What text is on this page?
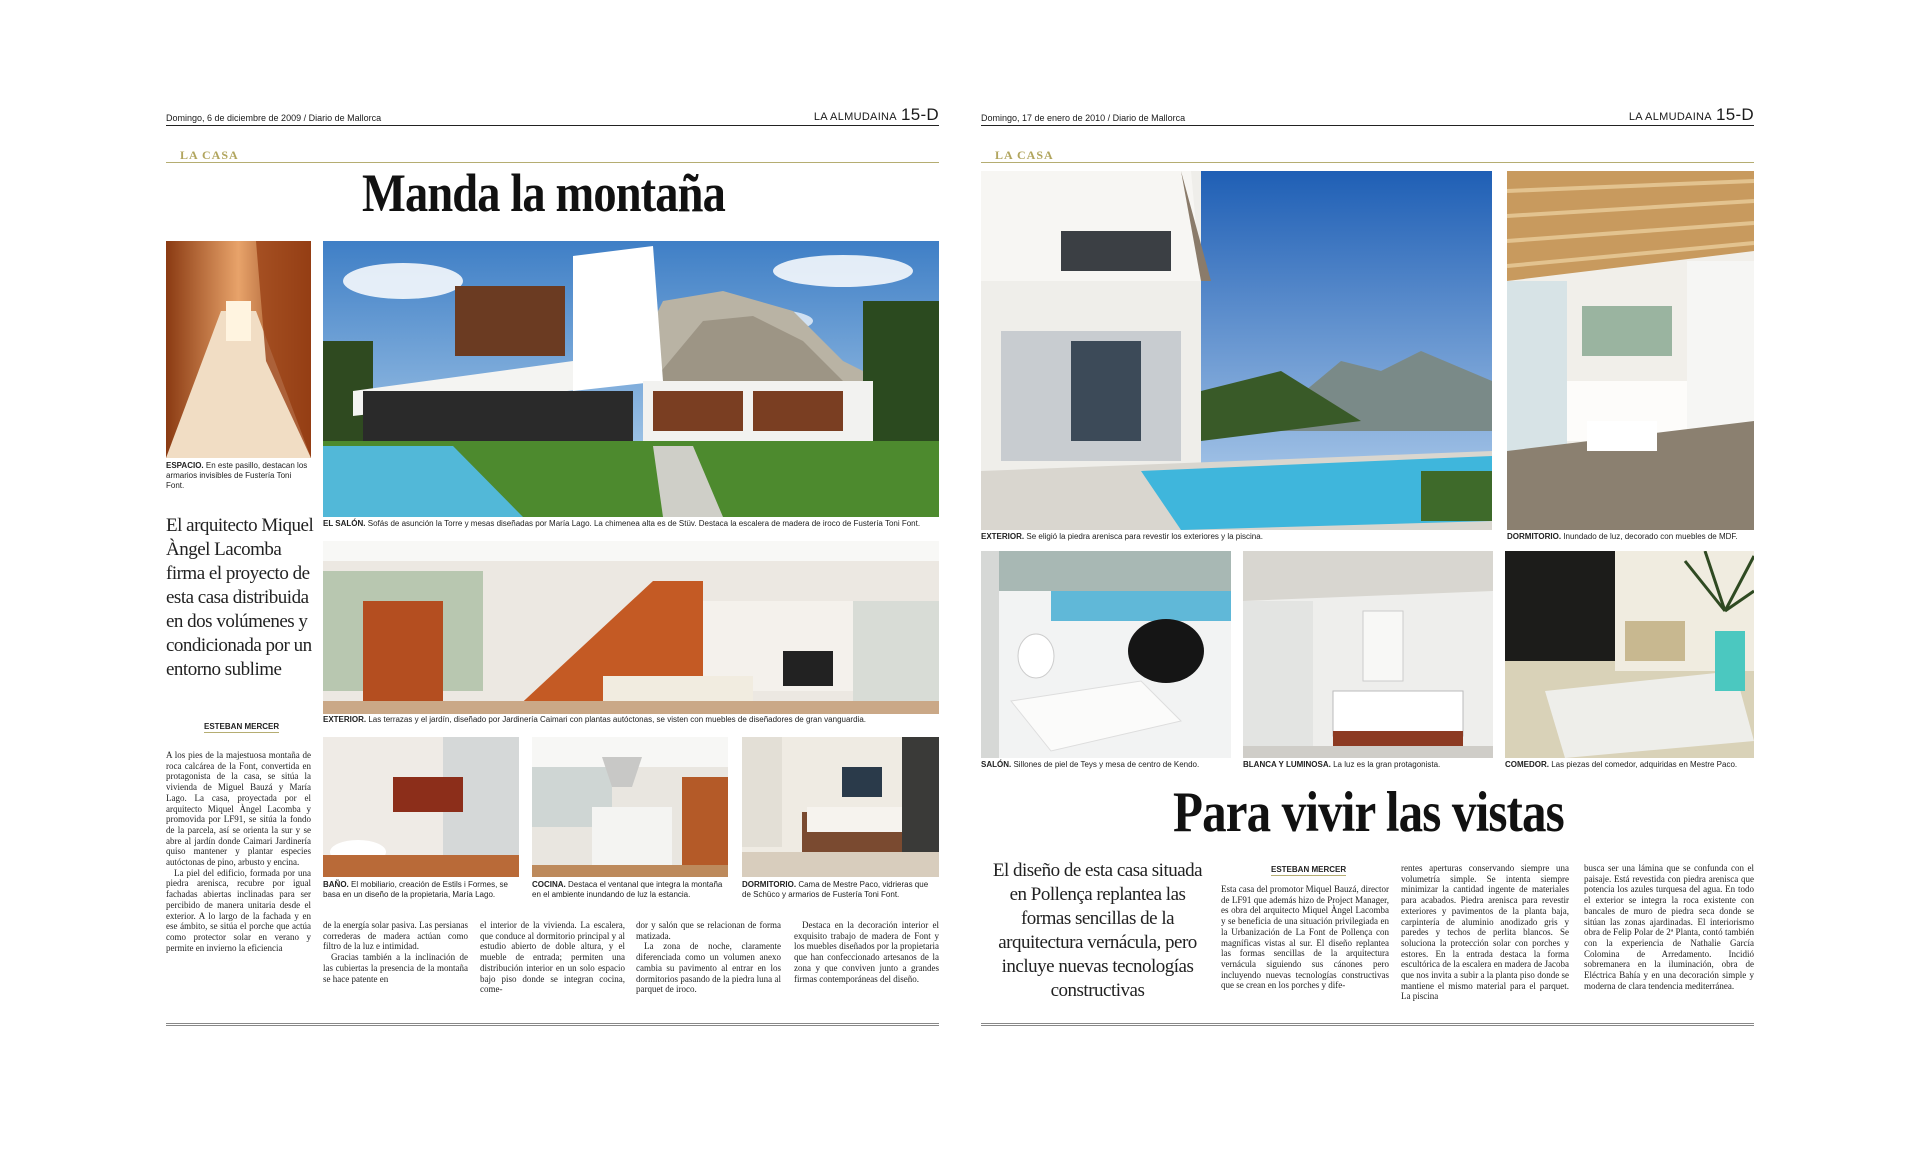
Domingo, 6 de diciembre de 2009 / Diario de Mallorca	LA ALMUDAINA 15-D
LA CASA
Manda la montaña
ESPACIO. En este pasillo, destacan los armarios invisibles de Fustería Toni Font.
EL SALÓN. Sofás de asunción la Torre y mesas diseñadas por María Lago. La chimenea alta es de Stüv. Destaca la escalera de madera de iroco de Fustería Toni Font.
El arquitecto Miquel Àngel Lacomba firma el proyecto de esta casa distribuida en dos volúmenes y condicionada por un entorno sublime
ESTEBAN MERCER
EXTERIOR. Las terrazas y el jardín, diseñado por Jardinería Caimari con plantas autóctonas, se visten con muebles de diseñadores de gran vanguardia.
BAÑO. El mobiliario, creación de Estils i Formes, se basa en un diseño de la propietaria, María Lago.
COCINA. Destaca el ventanal que integra la montaña en el ambiente inundando de luz la estancia.
DORMITORIO. Cama de Mestre Paco, vidrieras que de Schüco y armarios de Fustería Toni Font.

A los pies de la majestuosa montaña de roca calcárea de la Font, convertida en protagonista de la casa, se sitúa la vivienda de Miguel Bauzá y María Lago. La casa, proyectada por el arquitecto Miquel Àngel Lacomba y promovida por LF91, se sitúa la fondo de la parcela, así se orienta la sur y se abre al jardín donde Caimari Jardinería quiso mantener y plantar especies autóctonas de pino, arbusto y encina.

La piel del edificio, formada por una piedra arenisca, recubre por igual fachadas abiertas inclinadas para ser percibido de manera unitaria desde el exterior. A lo largo de la fachada y en ese ámbito, se sitúa el porche que actúa como protector solar en verano y permite en invierno la eficiencia

de la energía solar pasiva. Las persianas correderas de madera actúan como filtro de la luz e intimidad.

Gracias también a la inclinación de las cubiertas la presencia de la montaña se hace patente en

el interior de la vivienda. La escalera, que conduce al dormitorio principal y al estudio abierto de doble altura, y el mueble de entrada; permiten una distribución interior en un solo espacio bajo piso donde se integran cocina, come-

dor y salón que se relacionan de forma matizada.

La zona de noche, claramente diferenciada como un volumen anexo cambia su pavimento al entrar en los dormitorios pasando de la piedra luna al parquet de iroco.

Destaca en la decoración interior el exquisito trabajo de madera de Font y los muebles diseñados por la propietaria que han confeccionado artesanos de la zona y que conviven junto a grandes firmas contemporáneas del diseño.

Domingo, 17 de enero de 2010 / Diario de Mallorca	LA ALMUDAINA 15-D
LA CASA
EXTERIOR. Se eligió la piedra arenisca para revestir los exteriores y la piscina.	DORMITORIO. Inundado de luz, decorado con muebles de MDF.
SALÓN. Sillones de piel de Teys y mesa de centro de Kendo.	BLANCA Y LUMINOSA. La luz es la gran protagonista.	COMEDOR. Las piezas del comedor, adquiridas en Mestre Paco.
Para vivir las vistas
El diseño de esta casa situada en Pollença replantea las formas sencillas de la arquitectura vernácula, pero incluye nuevas tecnologías constructivas
ESTEBAN MERCER

Esta casa del promotor Miquel Bauzá, director de LF91 que además hizo de Project Manager, es obra del arquitecto Miquel Àngel Lacomba y se beneficia de una situación privilegiada en la Urbanización de La Font de Pollença con magníficas vistas al sur. El diseño replantea las formas sencillas de la arquitectura vernácula siguiendo sus cánones pero incluyendo nuevas tecnologías constructivas que se crean en los porches y dife-

rentes aperturas conservando siempre una volumetría simple. Se intenta siempre minimizar la cantidad ingente de materiales para acabados. Piedra arenisca para revestir exteriores y pavimentos de la planta baja, carpintería de aluminio anodizado gris y paredes y techos de perlita blancos. Se soluciona la protección solar con porches y estores. En la entrada destaca la forma escultórica de la escalera en madera de Jacoba que nos invita a subir a la planta piso donde se mantiene el mismo material para el parquet. La piscina

busca ser una lámina que se confunda con el paisaje. Está revestida con piedra arenisca que potencia los azules turquesa del agua. En todo el exterior se integra la roca existente con bancales de muro de piedra seca donde se sitúan las zonas ajardinadas. El interiorismo obra de Felip Polar de 2ª Planta, contó también con la experiencia de Nathalie García Colomina de Arredamento. Incidió sobremanera en la iluminación, obra de Eléctrica Bahía y en una decoración simple y moderna de clara tendencia mediterránea.
